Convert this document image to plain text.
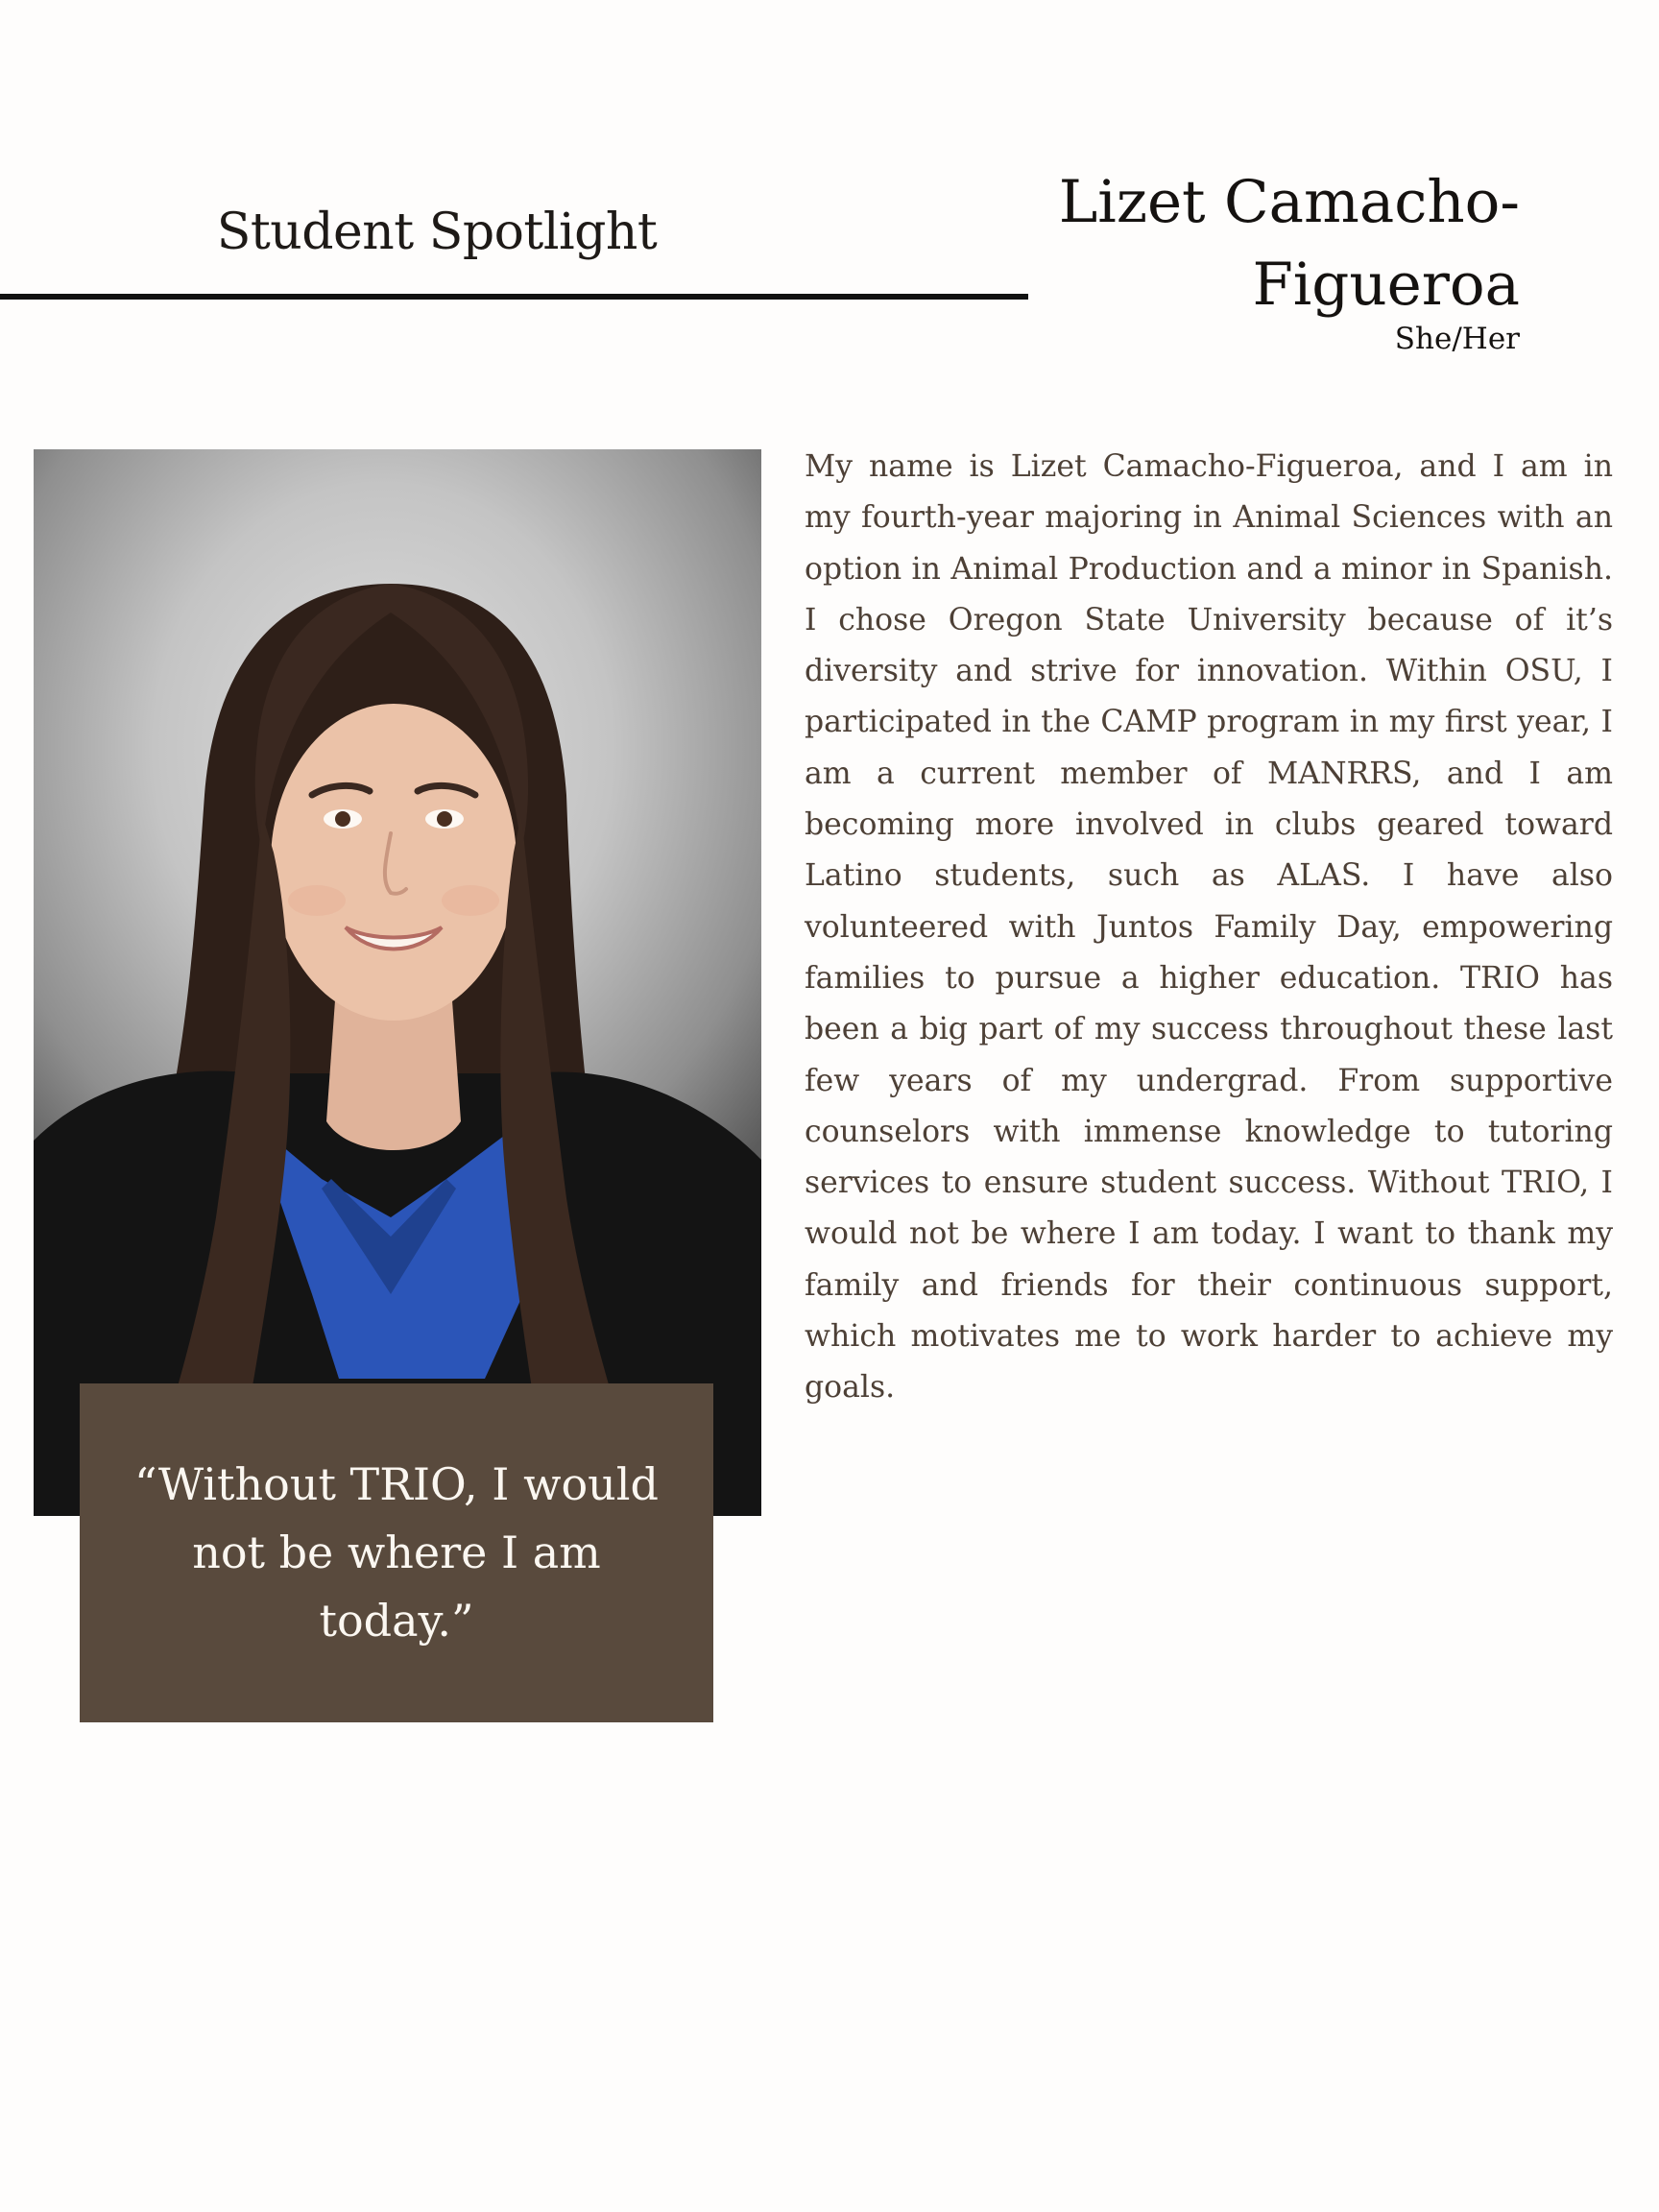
Student Spotlight	Lizet Camacho-
Figueroa
She/Her
“Without TRIO, I would not be where I am today.”

My name is Lizet Camacho-Figueroa, and I am in my fourth-year majoring in Animal Sciences with an option in Animal Production and a minor in Spanish. I chose Oregon State University because of it’s diversity and strive for innovation. Within OSU, I participated in the CAMP program in my first year, I am a current member of MANRRS, and I am becoming more involved in clubs geared toward Latino students, such as ALAS. I have also volunteered with Juntos Family Day, empowering families to pursue a higher education. TRIO has been a big part of my success throughout these last few years of my undergrad. From supportive counselors with immense knowledge to tutoring services to ensure student success. Without TRIO, I would not be where I am today. I want to thank my family and friends for their continuous support, which motivates me to work harder to achieve my goals.
